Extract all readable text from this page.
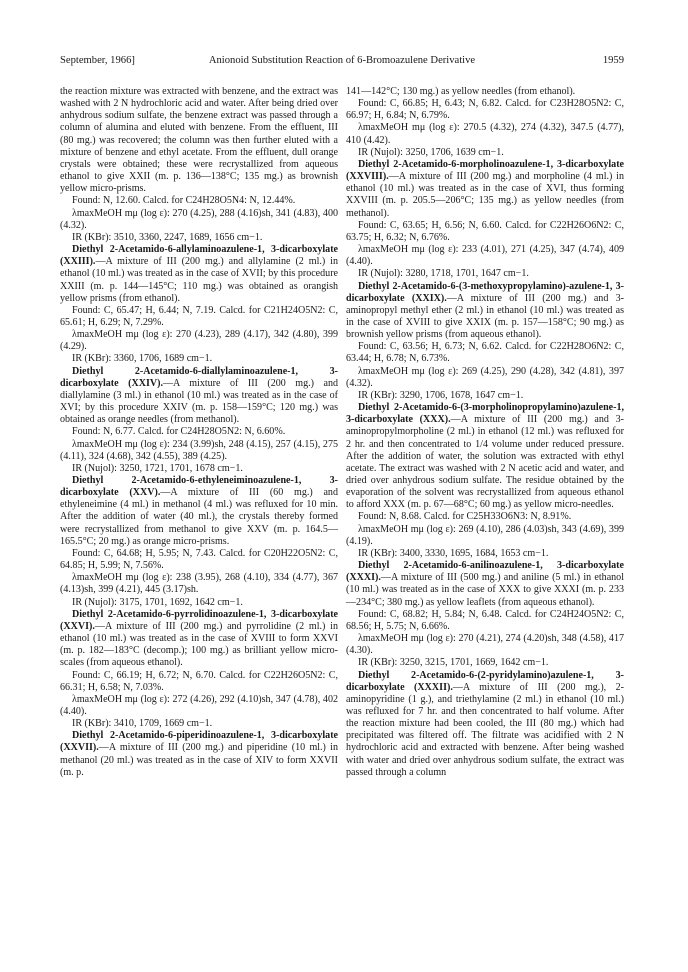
September, 1966]	Anionoid Substitution Reaction of 6-Bromoazulene Derivative	1959

the reaction mixture was extracted with benzene, and the extract was washed with 2 N hydrochloric acid and water. After being dried over anhydrous sodium sulfate, the benzene extract was passed through a column of alumina and eluted with benzene. From the effluent, III (80 mg.) was recovered; the column was then further eluted with a mixture of benzene and ethyl acetate. From the effluent, dull orange crystals were obtained; these were recrystallized from aqueous ethanol to give XXII (m. p. 136—138°C; 135 mg.) as brownish yellow micro-prisms.

Found: N, 12.60. Calcd. for C24H28O5N4: N, 12.44%.

λmaxMeOH mμ (log ε): 270 (4.25), 288 (4.16)sh, 341 (4.83), 400 (4.32).

IR (KBr): 3510, 3360, 2247, 1689, 1656 cm−1.

Diethyl 2-Acetamido-6-allylaminoazulene-1, 3-dicarboxylate (XXIII).—A mixture of III (200 mg.) and allylamine (2 ml.) in ethanol (10 ml.) was treated as in the case of XVII; by this procedure XXIII (m. p. 144—145°C; 110 mg.) was obtained as orangish yellow prisms (from ethanol).

Found: C, 65.47; H, 6.44; N, 7.19. Calcd. for C21H24O5N2: C, 65.61; H, 6.29; N, 7.29%.

λmaxMeOH mμ (log ε): 270 (4.23), 289 (4.17), 342 (4.80), 399 (4.29).

IR (KBr): 3360, 1706, 1689 cm−1.

Diethyl 2-Acetamido-6-diallylaminoazulene-1, 3-dicarboxylate (XXIV).—A mixture of III (200 mg.) and diallylamine (3 ml.) in ethanol (10 ml.) was treated as in the case of XVI; by this procedure XXIV (m. p. 158—159°C; 120 mg.) was obtained as orange needles (from methanol).

Found: N, 6.77. Calcd. for C24H28O5N2: N, 6.60%.

λmaxMeOH mμ (log ε): 234 (3.99)sh, 248 (4.15), 257 (4.15), 275 (4.11), 324 (4.68), 342 (4.55), 389 (4.25).

IR (Nujol): 3250, 1721, 1701, 1678 cm−1.

Diethyl 2-Acetamido-6-ethyleneiminoazulene-1, 3-dicarboxylate (XXV).—A mixture of III (60 mg.) and ethyleneimine (4 ml.) in methanol (4 ml.) was refluxed for 10 min. After the addition of water (40 ml.), the crystals thereby formed were recrystallized from methanol to give XXV (m. p. 164.5—165.5°C; 20 mg.) as orange micro-prisms.

Found: C, 64.68; H, 5.95; N, 7.43. Calcd. for C20H22O5N2: C, 64.85; H, 5.99; N, 7.56%.

λmaxMeOH mμ (log ε): 238 (3.95), 268 (4.10), 334 (4.77), 367 (4.13)sh, 399 (4.21), 445 (3.17)sh.

IR (Nujol): 3175, 1701, 1692, 1642 cm−1.

Diethyl 2-Acetamido-6-pyrrolidinoazulene-1, 3-dicarboxylate (XXVI).—A mixture of III (200 mg.) and pyrrolidine (2 ml.) in ethanol (10 ml.) was treated as in the case of XVIII to form XXVI (m. p. 182—183°C (decomp.); 100 mg.) as brilliant yellow micro-scales (from aqueous ethanol).

Found: C, 66.19; H, 6.72; N, 6.70. Calcd. for C22H26O5N2: C, 66.31; H, 6.58; N, 7.03%.

λmaxMeOH mμ (log ε): 272 (4.26), 292 (4.10)sh, 347 (4.78), 402 (4.40).

IR (KBr): 3410, 1709, 1669 cm−1.

Diethyl 2-Acetamido-6-piperidinoazulene-1, 3-dicarboxylate (XXVII).—A mixture of III (200 mg.) and piperidine (10 ml.) in methanol (20 ml.) was treated as in the case of XIV to form XXVII (m. p.

141—142°C; 130 mg.) as yellow needles (from ethanol).

Found: C, 66.85; H, 6.43; N, 6.82. Calcd. for C23H28O5N2: C, 66.97; H, 6.84; N, 6.79%.

λmaxMeOH mμ (log ε): 270.5 (4.32), 274 (4.32), 347.5 (4.77), 410 (4.42).

IR (Nujol): 3250, 1706, 1639 cm−1.

Diethyl 2-Acetamido-6-morpholinoazulene-1, 3-dicarboxylate (XXVIII).—A mixture of III (200 mg.) and morpholine (4 ml.) in ethanol (10 ml.) was treated as in the case of XVI, thus forming XXVIII (m. p. 205.5—206°C; 135 mg.) as yellow needles (from methanol).

Found: C, 63.65; H, 6.56; N, 6.60. Calcd. for C22H26O6N2: C, 63.75; H, 6.32; N, 6.76%.

λmaxMeOH mμ (log ε): 233 (4.01), 271 (4.25), 347 (4.74), 409 (4.40).

IR (Nujol): 3280, 1718, 1701, 1647 cm−1.

Diethyl 2-Acetamido-6-(3-methoxypropylamino)-azulene-1, 3-dicarboxylate (XXIX).—A mixture of III (200 mg.) and 3-aminopropyl methyl ether (2 ml.) in ethanol (10 ml.) was treated as in the case of XVIII to give XXIX (m. p. 157—158°C; 90 mg.) as brownish yellow prisms (from aqueous ethanol).

Found: C, 63.56; H, 6.73; N, 6.62. Calcd. for C22H28O6N2: C, 63.44; H, 6.78; N, 6.73%.

λmaxMeOH mμ (log ε): 269 (4.25), 290 (4.28), 342 (4.81), 397 (4.32).

IR (KBr): 3290, 1706, 1678, 1647 cm−1.

Diethyl 2-Acetamido-6-(3-morpholinopropylamino)azulene-1, 3-dicarboxylate (XXX).—A mixture of III (200 mg.) and 3-aminopropylmorpholine (2 ml.) in ethanol (12 ml.) was refluxed for 2 hr. and then concentrated to 1/4 volume under reduced pressure. After the addition of water, the solution was extracted with ethyl acetate. The extract was washed with 2 N acetic acid and water, and dried over anhydrous sodium sulfate. The residue obtained by the evaporation of the solvent was recrystallized from aqueous ethanol to afford XXX (m. p. 67—68°C; 60 mg.) as yellow micro-needles.

Found: N, 8.68. Calcd. for C25H33O6N3: N, 8.91%.

λmaxMeOH mμ (log ε): 269 (4.10), 286 (4.03)sh, 343 (4.69), 399 (4.19).

IR (KBr): 3400, 3330, 1695, 1684, 1653 cm−1.

Diethyl 2-Acetamido-6-anilinoazulene-1, 3-dicarboxylate (XXXI).—A mixture of III (500 mg.) and aniline (5 ml.) in ethanol (10 ml.) was treated as in the case of XXX to give XXXI (m. p. 233—234°C; 380 mg.) as yellow leaflets (from aqueous ethanol).

Found: C, 68.82; H, 5.84; N, 6.48. Calcd. for C24H24O5N2: C, 68.56; H, 5.75; N, 6.66%.

λmaxMeOH mμ (log ε): 270 (4.21), 274 (4.20)sh, 348 (4.58), 417 (4.30).

IR (KBr): 3250, 3215, 1701, 1669, 1642 cm−1.

Diethyl 2-Acetamido-6-(2-pyridylamino)azulene-1, 3-dicarboxylate (XXXII).—A mixture of III (200 mg.), 2-aminopyridine (1 g.), and triethylamine (2 ml.) in ethanol (10 ml.) was refluxed for 7 hr. and then concentrated to half volume. After the reaction mixture had been cooled, the III (80 mg.) which had precipitated was filtered off. The filtrate was acidified with 2 N hydrochloric acid and extracted with benzene. After being washed with water and dried over anhydrous sodium sulfate, the extract was passed through a column
